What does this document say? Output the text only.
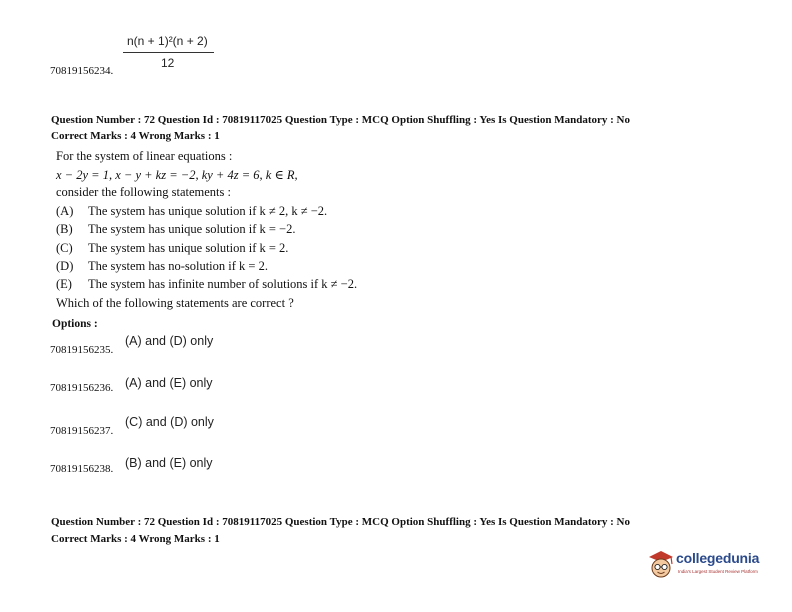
n(n + 1)²(n + 2)
12
70819156234.
Question Number : 72 Question Id : 70819117025 Question Type : MCQ Option Shuffling : Yes Is Question Mandatory : No
Correct Marks : 4 Wrong Marks : 1
For the system of linear equations :
x − 2y = 1, x − y + kz = −2, ky + 4z = 6, k ∈ R,
consider the following statements :
(A) The system has unique solution if k ≠ 2, k ≠ −2.
(B) The system has unique solution if k = −2.
(C) The system has unique solution if k = 2.
(D) The system has no-solution if k = 2.
(E) The system has infinite number of solutions if k ≠ −2.
Which of the following statements are correct ?
Options :
70819156235.
(A) and (D) only
70819156236. (A) and (E) only
70819156237.
(C) and (D) only
70819156238. (B) and (E) only
Question Number : 72 Question Id : 70819117025 Question Type : MCQ Option Shuffling : Yes Is Question Mandatory : No
Correct Marks : 4 Wrong Marks : 1
collegedunia
India's Largest Student Review Platform
